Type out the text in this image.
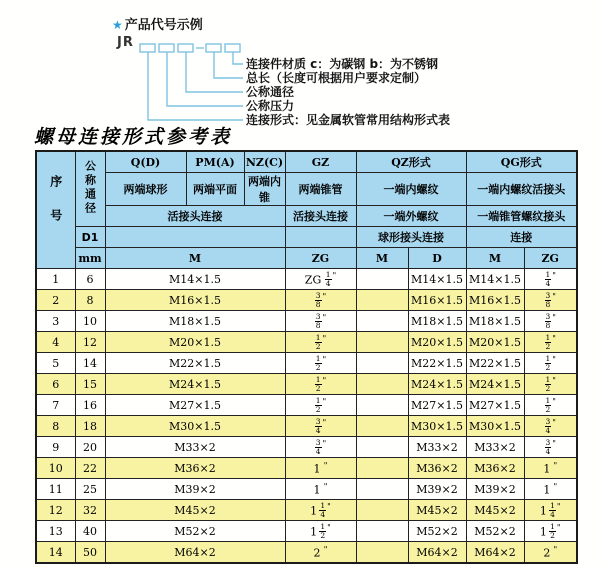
★ 产品代号示例
JR
连接件材质 c：为碳钢 b：为不锈钢
总长（长度可根据用户要求定制）
公称通径
公称压力
连接形式：见金属软管常用结构形式表
螺母连接形式参考表
序号	公称通径	Q(D)	PM(A)	NZ(C)	GZ	QZ形式		QG形式	
		两端球形	两端平面	两端内锥	两端锥管	一端内螺纹		一端内螺纹活接头	
		活接头连接			活接头连接	一端外螺纹		一端锥管螺纹接头	
	D1					球形接头连接		连接	
	mm	M			ZG	M	D	M	ZG
1	6	M14×1.5			ZG $\frac{1}{4} ^"$		M14×1.5	M14×1.5	$\frac{1}{4} ^"$
2	8	M16×1.5			$\frac{3}{8} ^"$		M16×1.5	M16×1.5	$\frac{3}{8} ^"$
3	10	M18×1.5			$\frac{3}{8} ^"$		M18×1.5	M18×1.5	$\frac{3}{8} ^"$
4	12	M20×1.5			$\frac{1}{2} ^"$		M20×1.5	M20×1.5	$\frac{1}{2} ^"$
5	14	M22×1.5			$\frac{1}{2} ^"$		M22×1.5	M22×1.5	$\frac{1}{2} ^"$
6	15	M24×1.5			$\frac{1}{2} ^"$		M24×1.5	M24×1.5	$\frac{1}{2} ^"$
7	16	M27×1.5			$\frac{1}{2} ^"$		M27×1.5	M27×1.5	$\frac{1}{2} ^"$
8	18	M30×1.5			$\frac{3}{4} ^"$		M30×1.5	M30×1.5	$\frac{3}{4} ^"$
9	20	M33×2			$\frac{3}{4} ^"$		M33×2	M33×2	$\frac{3}{4} ^"$
10	22	M36×2			1 "		M36×2	M36×2	1 "
11	25	M39×2			1 "		M39×2	M39×2	1 "
12	32	M45×2			$1 \frac{1}{4} ^"$		M45×2	M45×2	$1 \frac{1}{4} ^"$
13	40	M52×2			$1 \frac{1}{2} ^"$		M52×2	M52×2	$1 \frac{1}{2} ^"$
14	50	M64×2			2 "		M64×2	M64×2	2 "
